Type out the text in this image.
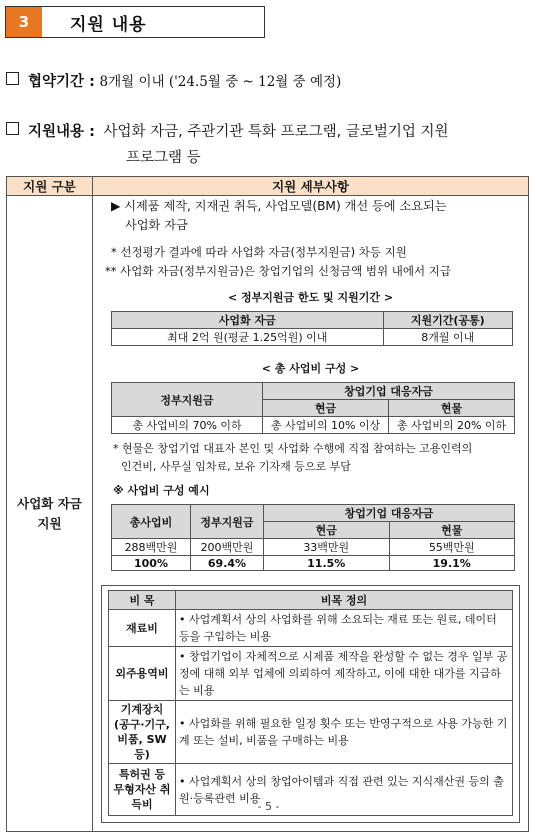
3	지원 내용
협약기간 : 8개월 이내 ('24.5월 중 ~ 12월 중 예정)
지원내용 : 사업화 자금, 주관기관 특화 프로그램, 글로벌기업 지원
프로그램 등
지원 구분	지원 세부사항

사업화 자금
지원

▶ 시제품 제작, 지재권 취득, 사업모델(BM) 개선 등에 소요되는
사업화 자금
* 선정평가 결과에 따라 사업화 자금(정부지원금) 차등 지원
** 사업화 자금(정부지원금)은 창업기업의 신청금액 범위 내에서 지급
< 정부지원금 한도 및 지원기간 >
사업화 자금	지원기간(공통)
최대 2억 원(평균 1.25억원) 이내	8개월 이내
< 총 사업비 구성 >
정부지원금	창업기업 대응자금
현금	현물
총 사업비의 70% 이하	총 사업비의 10% 이상	총 사업비의 20% 이하
* 현물은 창업기업 대표자 본인 및 사업화 수행에 직접 참여하는 고용인력의
인건비, 사무실 임차료, 보유 기자재 등으로 부담
※ 사업비 구성 예시
총사업비	정부지원금	창업기업 대응자금
현금	현물
288백만원	200백만원	33백만원	55백만원
100%	69.4%	11.5%	19.1%
비 목	비목 정의
재료비	• 사업계획서 상의 사업화를 위해 소요되는 재료 또는 원료, 데이터 등을 구입하는 비용
외주용역비	• 창업기업이 자체적으로 시제품 제작을 완성할 수 없는 경우 일부 공정에 대해 외부 업체에 의뢰하여 제작하고, 이에 대한 대가를 지급하는 비용
기계장치 (공구·기구, 비품, SW 등)	• 사업화를 위해 필요한 일정 횟수 또는 반영구적으로 사용 가능한 기계 또는 설비, 비품을 구매하는 비용
특허권 등 무형자산 취득비	• 사업계획서 상의 창업아이템과 직접 관련 있는 지식재산권 등의 출원·등록관련 비용
- 5 -
